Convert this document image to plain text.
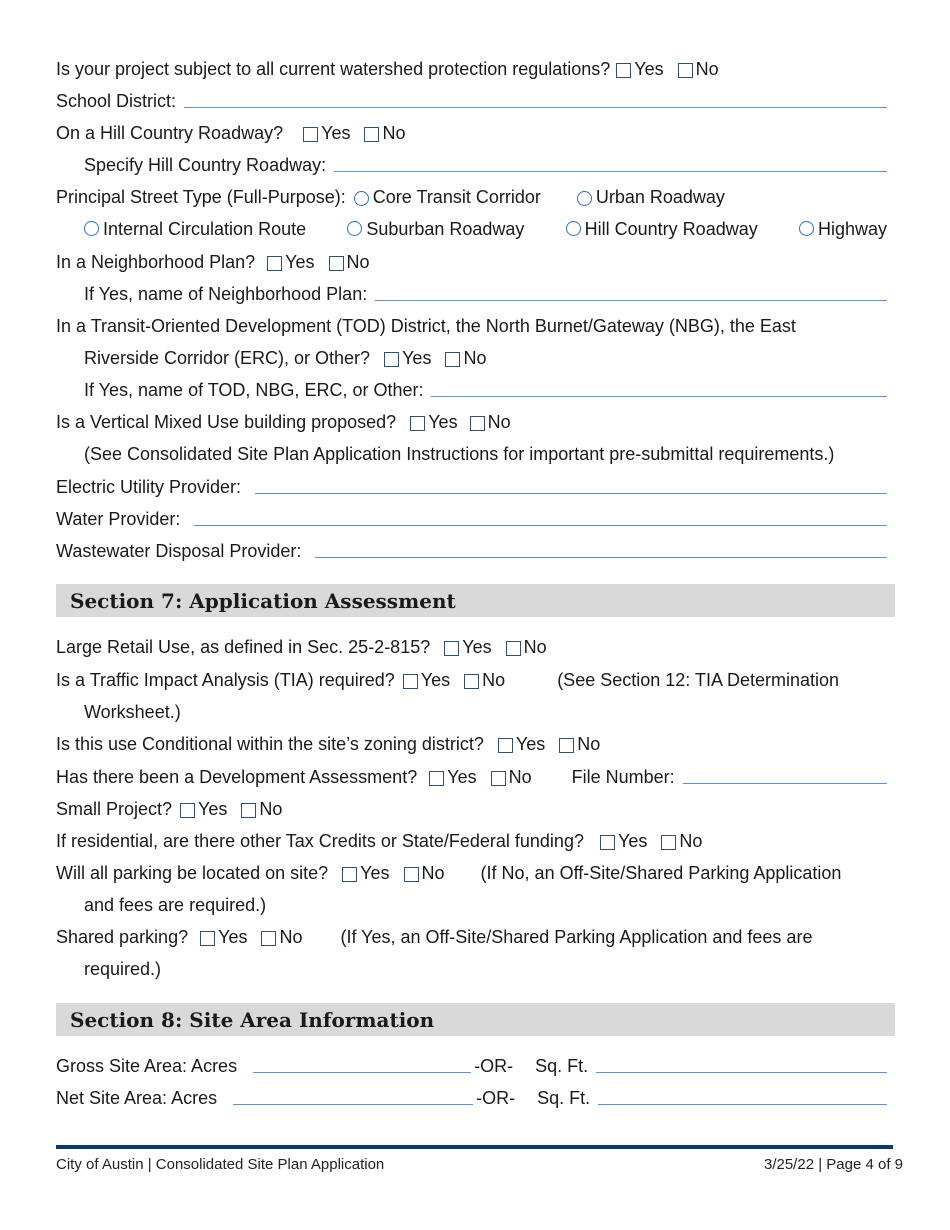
Is your project subject to all current watershed protection regulations? Yes No
School District:
On a Hill Country Roadway? Yes No
Specify Hill Country Roadway:
Principal Street Type (Full-Purpose): Core Transit Corridor	Urban Roadway
Internal Circulation Route	Suburban Roadway	Hill Country Roadway	Highway
In a Neighborhood Plan? Yes No
If Yes, name of Neighborhood Plan:
In a Transit-Oriented Development (TOD) District, the North Burnet/Gateway (NBG), the East
Riverside Corridor (ERC), or Other? Yes No
If Yes, name of TOD, NBG, ERC, or Other:
Is a Vertical Mixed Use building proposed? Yes No
(See Consolidated Site Plan Application Instructions for important pre-submittal requirements.)
Electric Utility Provider:
Water Provider:
Wastewater Disposal Provider:
Section 7: Application Assessment
Large Retail Use, as defined in Sec. 25-2-815? Yes No
Is a Traffic Impact Analysis (TIA) required? Yes No	(See Section 12: TIA Determination
Worksheet.)
Is this use Conditional within the site’s zoning district? Yes No
Has there been a Development Assessment? Yes No File Number:
Small Project? Yes No
If residential, are there other Tax Credits or State/Federal funding? Yes No
Will all parking be located on site? Yes No (If No, an Off-Site/Shared Parking Application
and fees are required.)
Shared parking? Yes No (If Yes, an Off-Site/Shared Parking Application and fees are
required.)
Section 8: Site Area Information
Gross Site Area: Acres	-OR- Sq. Ft.
Net Site Area: Acres	-OR- Sq. Ft.
City of Austin | Consolidated Site Plan Application	3/25/22 | Page 4 of 9
